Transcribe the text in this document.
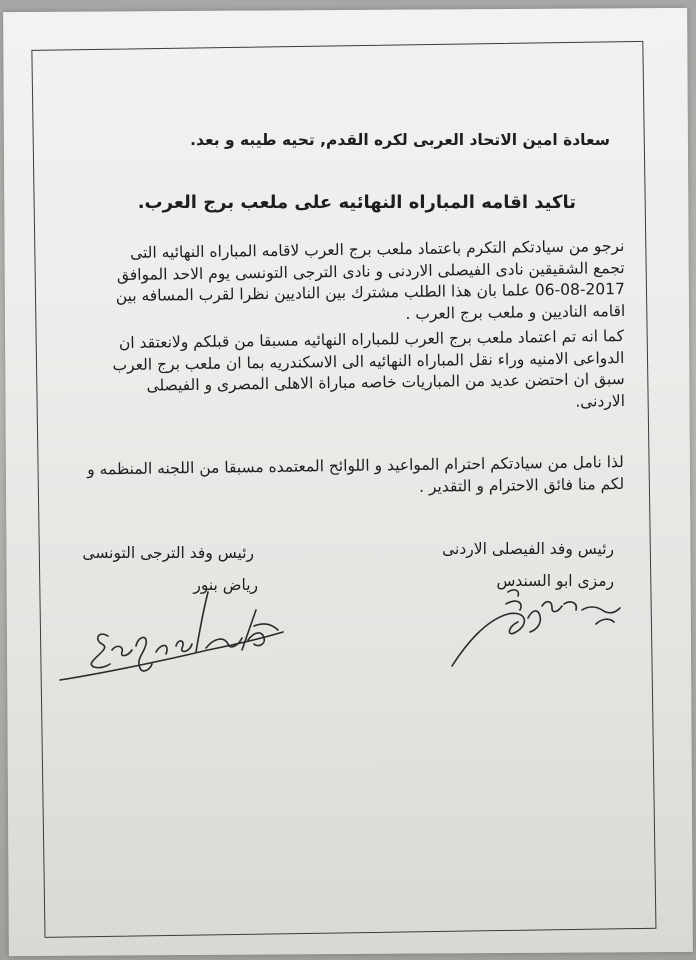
سعادة امين الاتحاد العربى لكره القدم, تحيه طيبه و بعد.
تاكيد اقامه المباراه النهائيه على ملعب برج العرب.
نرجو من سيادتكم التكرم باعتماد ملعب برج العرب لاقامه المباراه النهائيه التى
تجمع الشقيقين نادى الفيصلى الاردنى و نادى الترجى التونسى يوم الاحد الموافق
06-08-2017 علما بان هذا الطلب مشترك بين الناديين نظرا لقرب المسافه بين
اقامه الناديين و ملعب برج العرب .
كما انه تم اعتماد ملعب برج العرب للمباراه النهائيه مسبقا من قبلكم ولانعتقد ان
الدواعى الامنيه وراء نقل المباراه النهائيه الى الاسكندريه بما ان ملعب برج العرب
سبق ان احتضن عديد من المباريات خاصه مباراة الاهلى المصرى و الفيصلى
الاردنى.
لذا نامل من سيادتكم احترام المواعيد و اللوائح المعتمده مسبقا من اللجنه المنظمه و
لكم منا فائق الاحترام و التقدير .
رئيس وفد الترجى التونسى
رياض بنور
رئيس وفد الفيصلى الاردنى
رمزى ابو السندس
